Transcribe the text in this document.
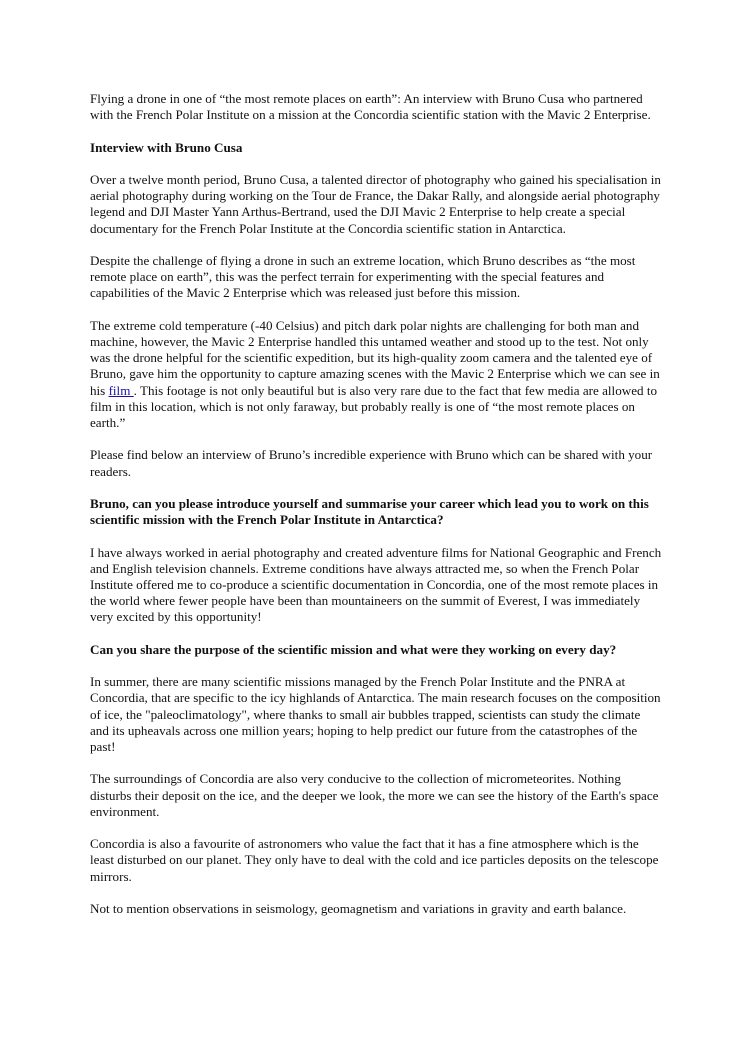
Flying a drone in one of “the most remote places on earth”: An interview with Bruno Cusa who partnered with the French Polar Institute on a mission at the Concordia scientific station with the Mavic 2 Enterprise.

Interview with Bruno Cusa

Over a twelve month period, Bruno Cusa, a talented director of photography who gained his specialisation in aerial photography during working on the Tour de France, the Dakar Rally, and alongside aerial photography legend and DJI Master Yann Arthus-Bertrand, used the DJI Mavic 2 Enterprise to help create a special documentary for the French Polar Institute at the Concordia scientific station in Antarctica.

Despite the challenge of flying a drone in such an extreme location, which Bruno describes as “the most remote place on earth”, this was the perfect terrain for experimenting with the special features and capabilities of the Mavic 2 Enterprise which was released just before this mission.

The extreme cold temperature (-40 Celsius) and pitch dark polar nights are challenging for both man and machine, however, the Mavic 2 Enterprise handled this untamed weather and stood up to the test. Not only was the drone helpful for the scientific expedition, but its high-quality zoom camera and the talented eye of Bruno, gave him the opportunity to capture amazing scenes with the Mavic 2 Enterprise which we can see in his film . This footage is not only beautiful but is also very rare due to the fact that few media are allowed to film in this location, which is not only faraway, but probably really is one of “the most remote places on earth.”

Please find below an interview of Bruno’s incredible experience with Bruno which can be shared with your readers.

Bruno, can you please introduce yourself and summarise your career which lead you to work on this scientific mission with the French Polar Institute in Antarctica?

I have always worked in aerial photography and created adventure films for National Geographic and French and English television channels. Extreme conditions have always attracted me, so when the French Polar Institute offered me to co-produce a scientific documentation in Concordia, one of the most remote places in the world where fewer people have been than mountaineers on the summit of Everest, I was immediately very excited by this opportunity!

Can you share the purpose of the scientific mission and what were they working on every day?

In summer, there are many scientific missions managed by the French Polar Institute and the PNRA at Concordia, that are specific to the icy highlands of Antarctica. The main research focuses on the composition of ice, the "paleoclimatology", where thanks to small air bubbles trapped, scientists can study the climate and its upheavals across one million years; hoping to help predict our future from the catastrophes of the past!

The surroundings of Concordia are also very conducive to the collection of micrometeorites. Nothing disturbs their deposit on the ice, and the deeper we look, the more we can see the history of the Earth's space environment.

Concordia is also a favourite of astronomers who value the fact that it has a fine atmosphere which is the least disturbed on our planet. They only have to deal with the cold and ice particles deposits on the telescope mirrors.

Not to mention observations in seismology, geomagnetism and variations in gravity and earth balance.
